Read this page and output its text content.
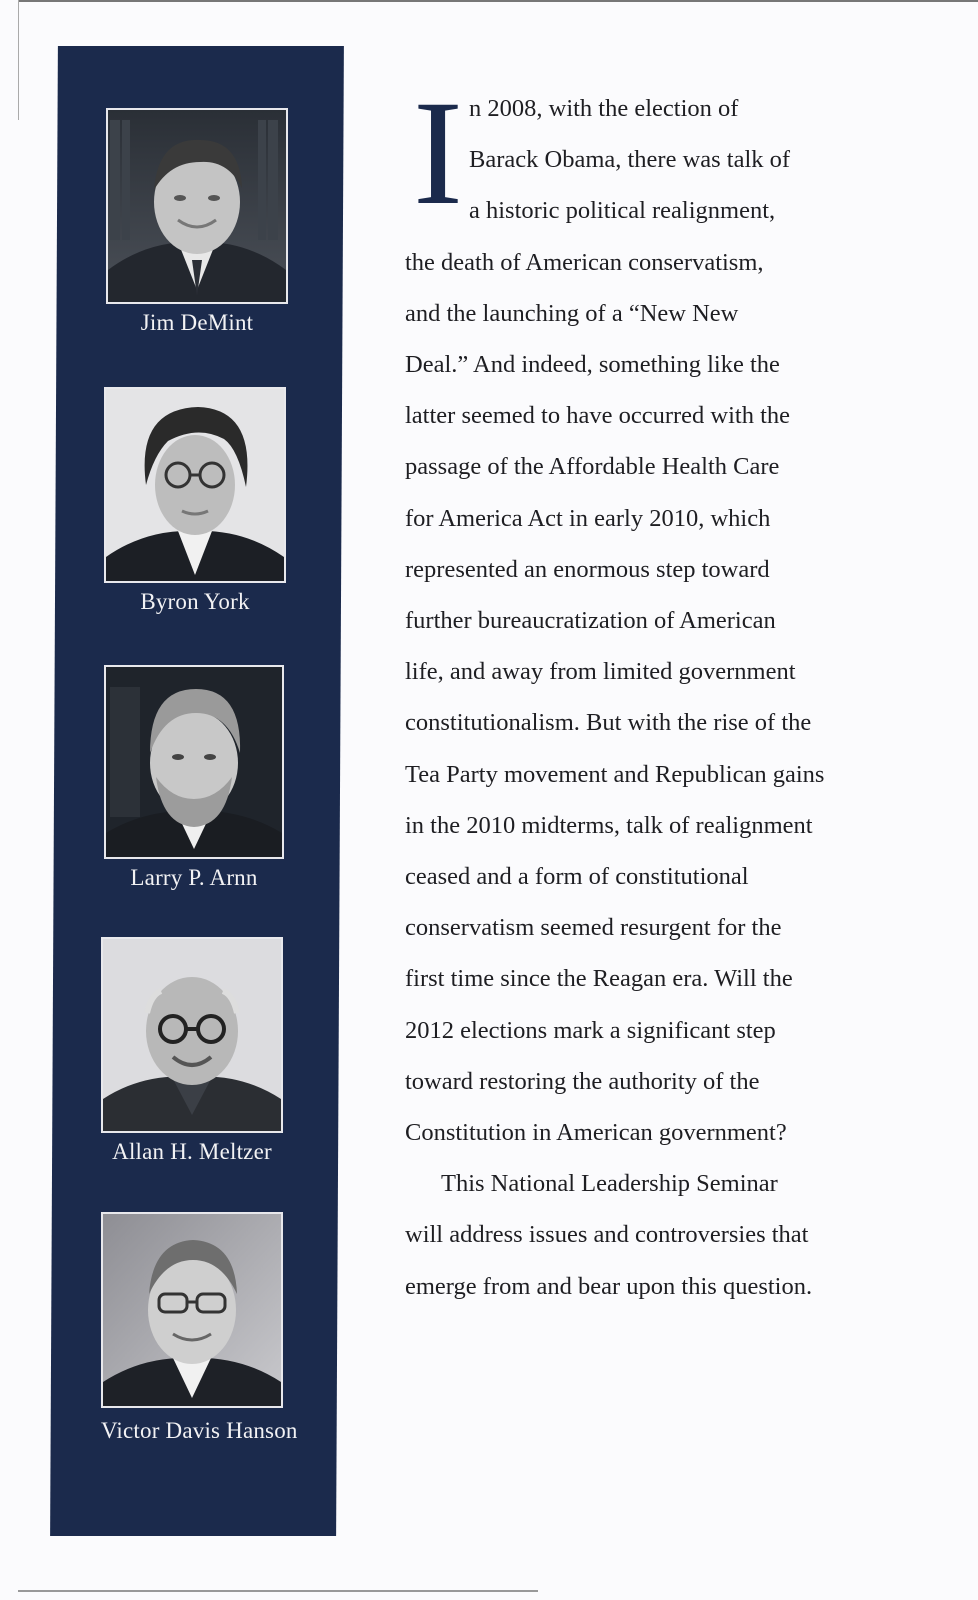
Jim DeMint
Byron York
Larry P. Arnn
Allan H. Meltzer
Victor Davis Hanson
I n 2008, with the election of
Barack Obama, there was talk of
a historic political realignment,
the death of American conservatism,
and the launching of a “New New
Deal.” And indeed, something like the
latter seemed to have occurred with the
passage of the Affordable Health Care
for America Act in early 2010, which
represented an enormous step toward
further bureaucratization of American
life, and away from limited government
constitutionalism. But with the rise of the
Tea Party movement and Republican gains
in the 2010 midterms, talk of realignment
ceased and a form of constitutional
conservatism seemed resurgent for the
first time since the Reagan era. Will the
2012 elections mark a significant step
toward restoring the authority of the
Constitution in American government?
This National Leadership Seminar
will address issues and controversies that
emerge from and bear upon this question.
